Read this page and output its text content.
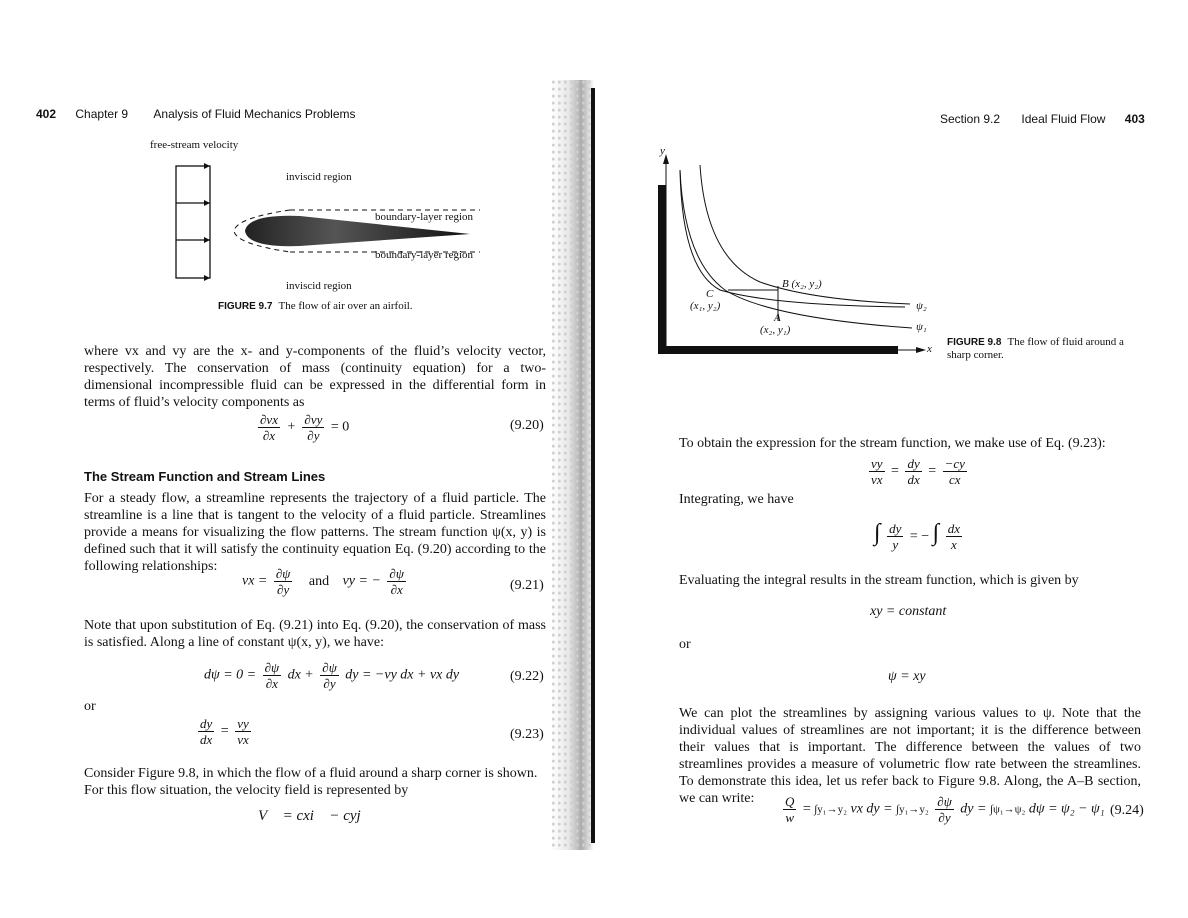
402 Chapter 9 Analysis of Fluid Mechanics Problems
free-stream velocity
inviscid region
boundary-layer region
boundary-layer region
inviscid region
FIGURE 9.7 The flow of air over an airfoil.

where vx and vy are the x- and y-components of the fluid’s velocity vector, respectively. The conservation of mass (continuity equation) for a two-dimensional incompressible fluid can be expressed in the differential form in terms of fluid’s velocity components as

$\frac{\partial vx}{\partial x} + \frac{\partial vy}{\partial y} = 0$	(9.20)
The Stream Function and Stream Lines

For a steady flow, a streamline represents the trajectory of a fluid particle. The streamline is a line that is tangent to the velocity of a fluid particle. Streamlines provide a means for visualizing the flow patterns. The stream function ψ(x, y) is defined such that it will satisfy the continuity equation Eq. (9.20) according to the following relationships:

vx = $\frac{\partial\psi}{\partial y}$ and vy = − $\frac{\partial\psi}{\partial x}$	(9.21)

Note that upon substitution of Eq. (9.21) into Eq. (9.20), the conservation of mass is satisfied. Along a line of constant ψ(x, y), we have:

$d\psi = 0 = \frac{\partial\psi}{\partial x}$ dx + $\frac{\partial\psi}{\partial y}$ dy = −vy dx + vx dy	(9.22)
or
$\frac{dy}{dx} = \frac{vy}{vx}$	(9.23)

Consider Figure 9.8, in which the flow of a fluid around a sharp corner is shown. For this flow situation, the velocity field is represented by

V⃗ = cxi⃗ − cyj⃗
Section 9.2 Ideal Fluid Flow 403
y
x
B (x₂, y₂)
C
(x₁, y₂)
A
(x₂, y₁)
ψ₂
ψ₁
FIGURE 9.8 The flow of fluid around a sharp corner.

To obtain the expression for the stream function, we make use of Eq. (9.23):

$\frac{vy}{vx} = \frac{dy}{dx} = \frac{-cy}{cx}$
Integrating, we have
∫ $\frac{dy}{y}$ = − ∫ $\frac{dx}{x}$
Evaluating the integral results in the stream function, which is given by
xy = constant
or
ψ = xy

We can plot the streamlines by assigning various values to ψ. Note that the individual values of streamlines are not important; it is the difference between their values that is important. The difference between the values of two streamlines provides a measure of volumetric flow rate between the streamlines. To demonstrate this idea, let us refer back to Figure 9.8. Along, the A–B section, we can write:	$\frac{Q}{w} = \int y_1\to y_2$ vx dy = $\int y_1\to y_2 \frac{\partial\psi}{\partial y}$ dy = ∫ψ₁→ψ₂ dψ = ψ₂ − ψ₁ (9.24)
